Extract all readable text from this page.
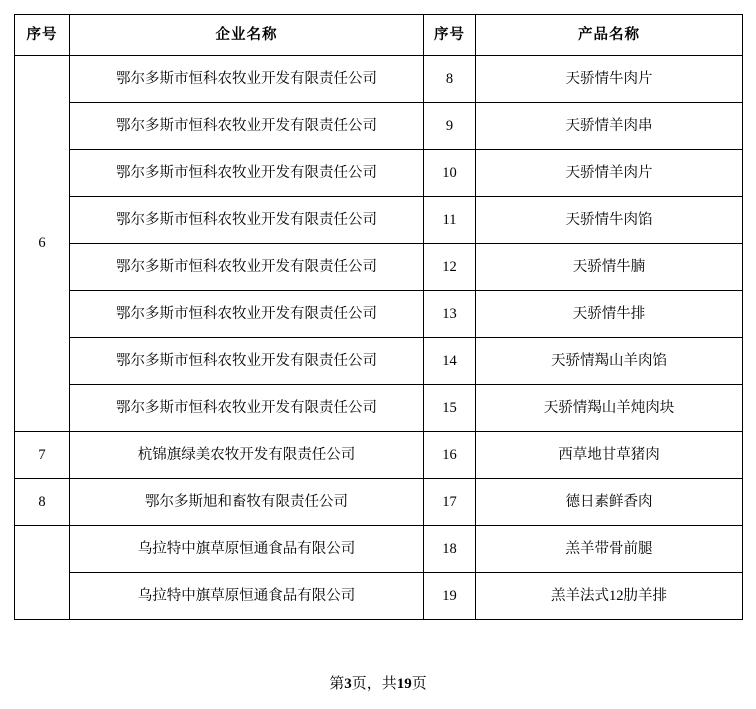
序号	企业名称	序号	产品名称
6	鄂尔多斯市恒科农牧业开发有限责任公司	8	天骄情牛肉片
	鄂尔多斯市恒科农牧业开发有限责任公司	9	天骄情羊肉串
	鄂尔多斯市恒科农牧业开发有限责任公司	10	天骄情羊肉片
	鄂尔多斯市恒科农牧业开发有限责任公司	11	天骄情牛肉馅
	鄂尔多斯市恒科农牧业开发有限责任公司	12	天骄情牛腩
	鄂尔多斯市恒科农牧业开发有限责任公司	13	天骄情牛排
	鄂尔多斯市恒科农牧业开发有限责任公司	14	天骄情羯山羊肉馅
	鄂尔多斯市恒科农牧业开发有限责任公司	15	天骄情羯山羊炖肉块
7	杭锦旗绿美农牧开发有限责任公司	16	西草地甘草猪肉
8	鄂尔多斯旭和畜牧有限责任公司	17	德日素鲜香肉
	乌拉特中旗草原恒通食品有限公司	18	羔羊带骨前腿
	乌拉特中旗草原恒通食品有限公司	19	羔羊法式12肋羊排
第3页，共19页
